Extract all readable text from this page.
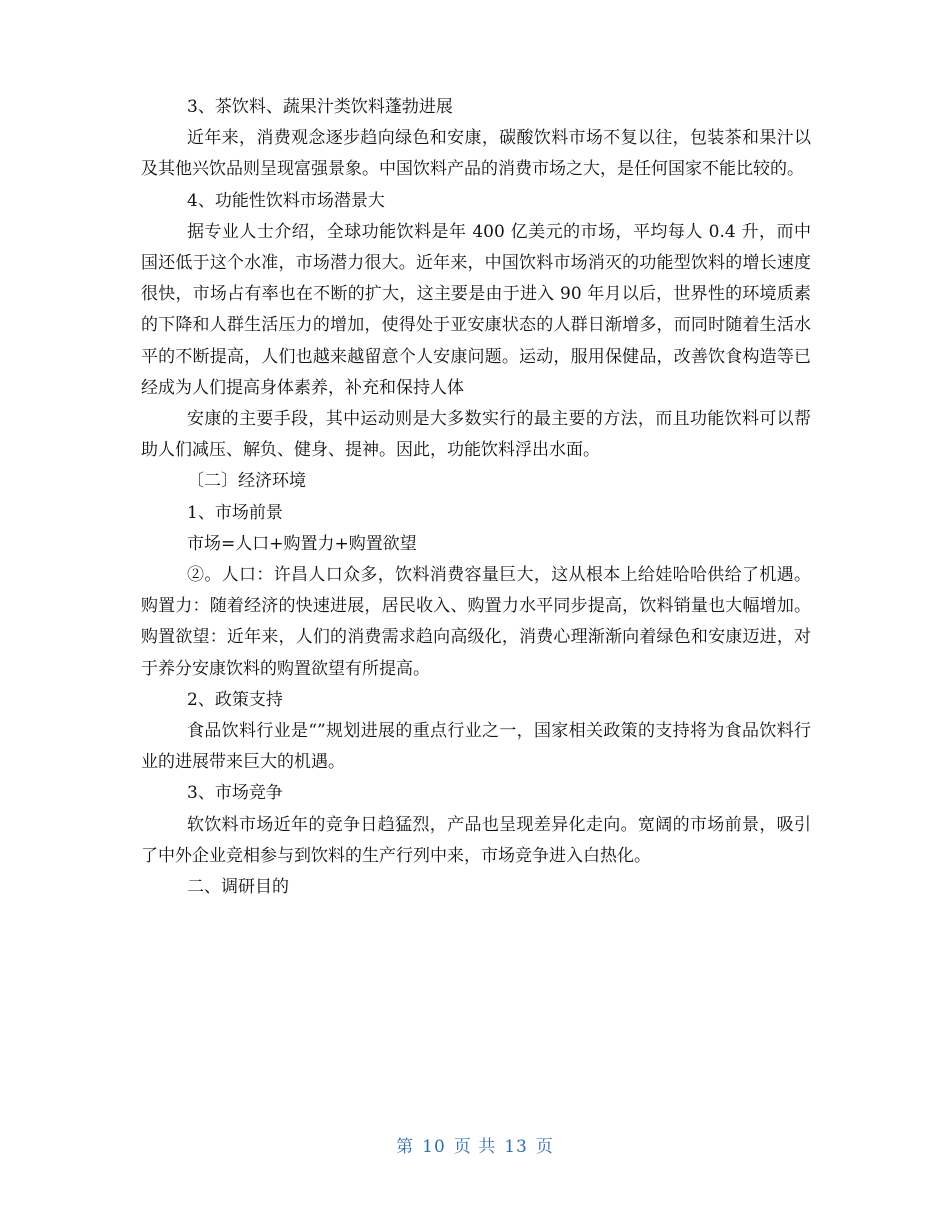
3、茶饮料、蔬果汁类饮料蓬勃进展

近年来，消费观念逐步趋向绿色和安康，碳酸饮料市场不复以往，包装茶和果汁以及其他兴饮品则呈现富强景象。中国饮料产品的消费市场之大，是任何国家不能比较的。

4、功能性饮料市场潜景大

据专业人士介绍，全球功能饮料是年 400 亿美元的市场，平均每人 0.4 升，而中国还低于这个水准，市场潜力很大。近年来，中国饮料市场消灭的功能型饮料的增长速度很快，市场占有率也在不断的扩大，这主要是由于进入 90 年月以后，世界性的环境质素的下降和人群生活压力的增加，使得处于亚安康状态的人群日渐增多，而同时随着生活水平的不断提高，人们也越来越留意个人安康问题。运动，服用保健品，改善饮食构造等已经成为人们提高身体素养，补充和保持人体

安康的主要手段，其中运动则是大多数实行的最主要的方法，而且功能饮料可以帮助人们减压、解负、健身、提神。因此，功能饮料浮出水面。

〔二〕经济环境

1、市场前景

市场=人口+购置力+购置欲望

②。人口：许昌人口众多，饮料消费容量巨大，这从根本上给娃哈哈供给了机遇。购置力：随着经济的快速进展，居民收入、购置力水平同步提高，饮料销量也大幅增加。购置欲望：近年来，人们的消费需求趋向高级化，消费心理渐渐向着绿色和安康迈进，对于养分安康饮料的购置欲望有所提高。

2、政策支持

食品饮料行业是“”规划进展的重点行业之一，国家相关政策的支持将为食品饮料行业的进展带来巨大的机遇。

3、市场竞争

软饮料市场近年的竞争日趋猛烈，产品也呈现差异化走向。宽阔的市场前景，吸引了中外企业竞相参与到饮料的生产行列中来，市场竞争进入白热化。

二、调研目的

第 10 页 共 13 页
